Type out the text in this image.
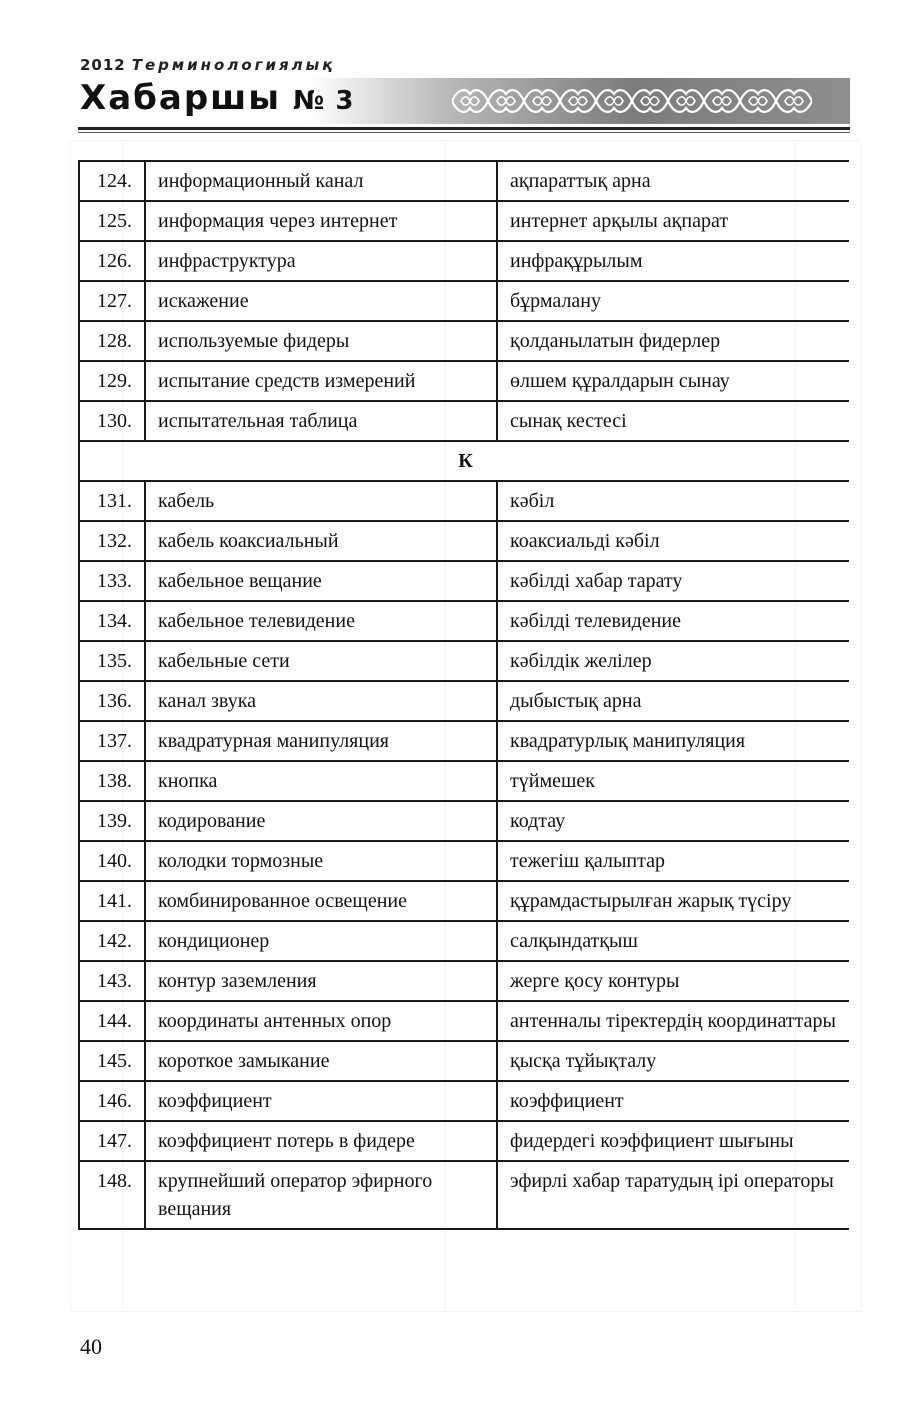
2012 Терминологиялық
Хабаршы № 3
124.	информационный канал	ақпараттық арна
125.	информация через интернет	интернет арқылы ақпарат
126.	инфраструктура	инфрақұрылым
127.	искажение	бұрмалану
128.	используемые фидеры	қолданылатын фидерлер
129.	испытание средств измерений	өлшем құралдарын сынау
130.	испытательная таблица	сынақ кестесі
К		
131.	кабель	кәбіл
132.	кабель коаксиальный	коаксиальді кәбіл
133.	кабельное вещание	кәбілді хабар тарату
134.	кабельное телевидение	кәбілді телевидение
135.	кабельные сети	кәбілдік желілер
136.	канал звука	дыбыстық арна
137.	квадратурная манипуляция	квадратурлық манипуляция
138.	кнопка	түймешек
139.	кодирование	кодтау
140.	колодки тормозные	тежегіш қалыптар
141.	комбинированное освещение	құрамдастырылған жарық түсіру
142.	кондиционер	салқындатқыш
143.	контур заземления	жерге қосу контуры
144.	координаты антенных опор	антенналы тіректердің координаттары
145.	короткое замыкание	қысқа тұйықталу
146.	коэффициент	коэффициент
147.	коэффициент потерь в фидере	фидердегі коэффициент шығыны
148.	крупнейший оператор эфирного вещания	эфирлі хабар таратудың ірі операторы
40
